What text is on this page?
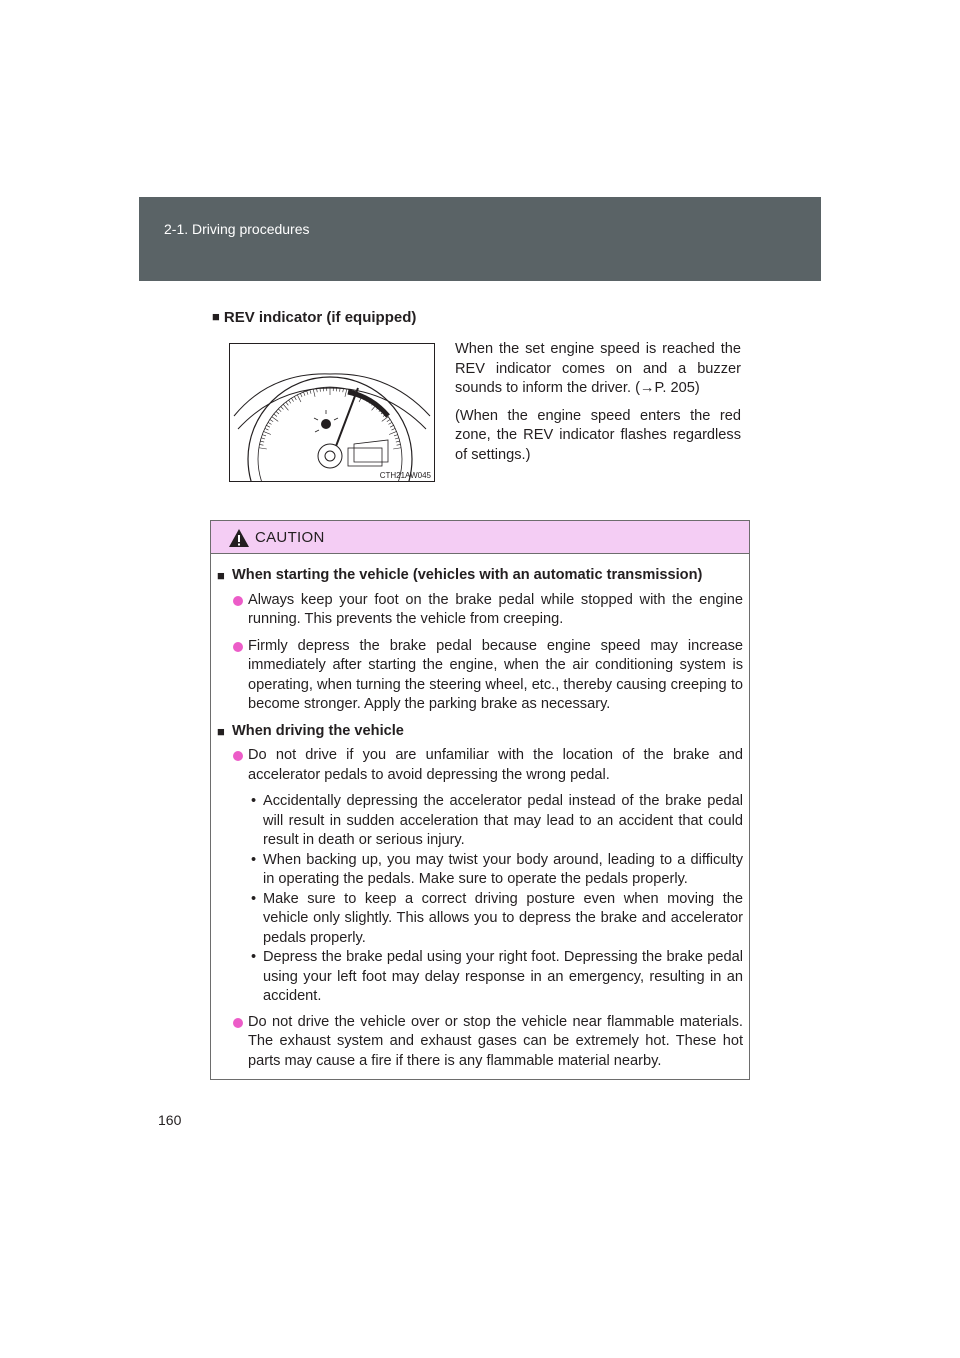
2-1. Driving procedures
■ REV indicator (if equipped)
CTH21AW045

When the set engine speed is reached the REV indicator comes on and a buzzer sounds to inform the driver. (→P. 205)

(When the engine speed enters the red zone, the REV indicator flashes regardless of settings.)

CAUTION
■ When starting the vehicle (vehicles with an automatic transmission)
Always keep your foot on the brake pedal while stopped with the engine running. This prevents the vehicle from creeping.
Firmly depress the brake pedal because engine speed may increase immediately after starting the engine, when the air conditioning system is operating, when turning the steering wheel, etc., thereby causing creeping to become stronger. Apply the parking brake as necessary.
■ When driving the vehicle
Do not drive if you are unfamiliar with the location of the brake and accelerator pedals to avoid depressing the wrong pedal.
• Accidentally depressing the accelerator pedal instead of the brake pedal will result in sudden acceleration that may lead to an accident that could result in death or serious injury.
• When backing up, you may twist your body around, leading to a difficulty in operating the pedals. Make sure to operate the pedals properly.
• Make sure to keep a correct driving posture even when moving the vehicle only slightly. This allows you to depress the brake and accelerator pedals properly.
• Depress the brake pedal using your right foot. Depressing the brake pedal using your left foot may delay response in an emergency, resulting in an accident.
Do not drive the vehicle over or stop the vehicle near flammable materials. The exhaust system and exhaust gases can be extremely hot. These hot parts may cause a fire if there is any flammable material nearby.
160
